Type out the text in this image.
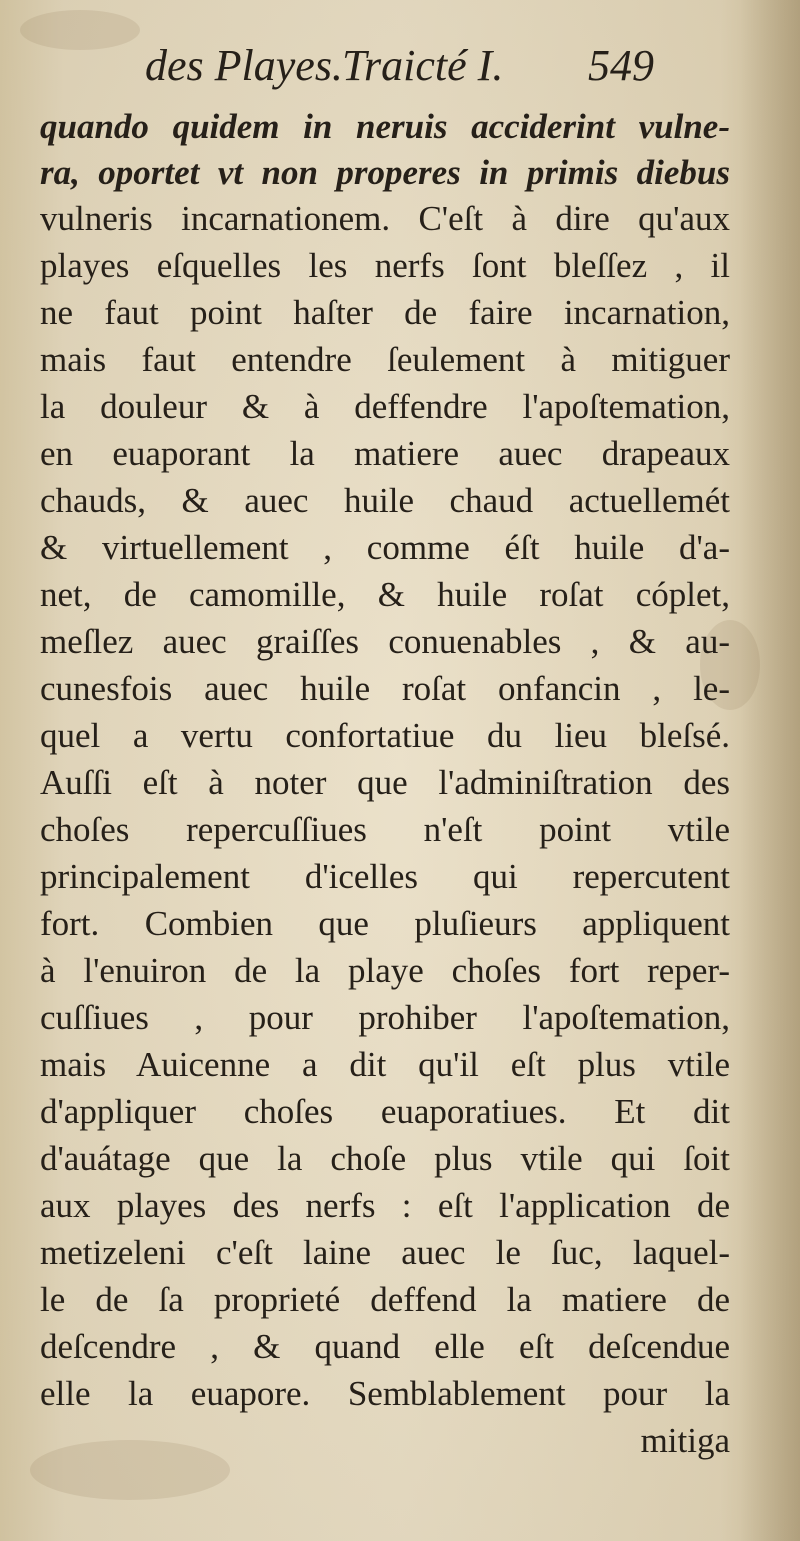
des Playes. Traicté I. 549
quando quidem in neruis acciderint vulne-
ra, oportet vt non properes in primis diebus
vulneris incarnationem. C'eſt à dire qu'aux
playes eſquelles les nerfs ſont bleſſez , il
ne faut point haſter de faire incarnation,
mais faut entendre ſeulement à mitiguer
la douleur & à deffendre l'apoſtemation,
en euaporant la matiere auec drapeaux
chauds, & auec huile chaud actuellemét
& virtuellement , comme éſt huile d'a-
net, de camomille, & huile roſat cóplet,
meſlez auec graiſſes conuenables , & au-
cunesfois auec huile roſat onfancin , le-
quel a vertu confortatiue du lieu bleſsé.
Auſſi eſt à noter que l'adminiſtration des
choſes repercuſſiues n'eſt point vtile
principalement d'icelles qui repercutent
fort. Combien que pluſieurs appliquent
à l'enuiron de la playe choſes fort reper-
cuſſiues , pour prohiber l'apoſtemation,
mais Auicenne a dit qu'il eſt plus vtile
d'appliquer choſes euaporatiues. Et dit
d'auátage que la choſe plus vtile qui ſoit
aux playes des nerfs : eſt l'application de
metizeleni c'eſt laine auec le ſuc, laquel-
le de ſa proprieté deffend la matiere de
deſcendre , & quand elle eſt deſcendue
elle la euapore. Semblablement pour la
mitiga
